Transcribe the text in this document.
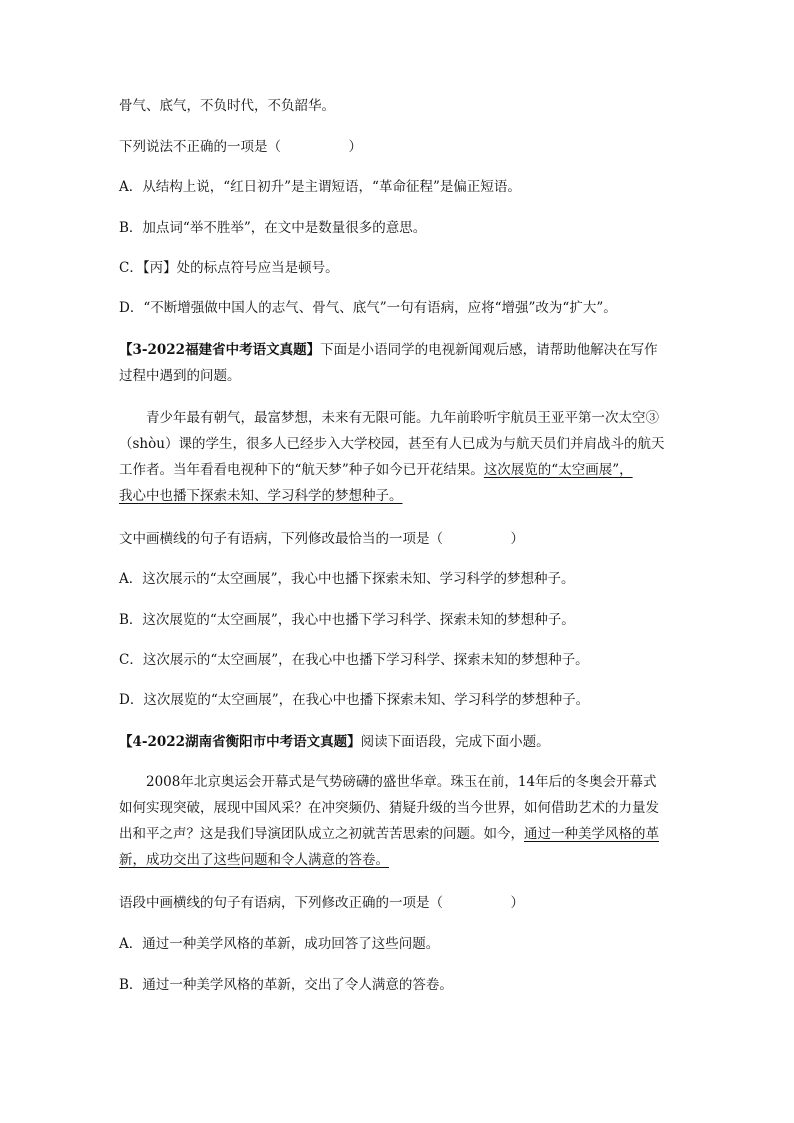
骨气、底气，不负时代，不负韶华。
下列说法不正确的一项是（　　　　　）
A．从结构上说，“红日初升”是主谓短语，“革命征程”是偏正短语。
B．加点词“举不胜举”，在文中是数量很多的意思。
C．【丙】处的标点符号应当是顿号。
D．“不断增强做中国人的志气、骨气、底气”一句有语病，应将“增强”改为“扩大”。
【3-2022福建省中考语文真题】下面是小语同学的电视新闻观后感，请帮助他解决在写作
过程中遇到的问题。

青少年最有朝气，最富梦想，未来有无限可能。九年前聆听宇航员王亚平第一次太空③

（shòu）课的学生，很多人已经步入大学校园，甚至有人已成为与航天员们并肩战斗的航天

工作者。当年看看电视种下的“航天梦”种子如今已开花结果。这次展览的“太空画展”，

我心中也播下探索未知、学习科学的梦想种子。

文中画横线的句子有语病，下列修改最恰当的一项是（　　　　　）
A．这次展示的“太空画展”，我心中也播下探索未知、学习科学的梦想种子。
B．这次展览的“太空画展”，我心中也播下学习科学、探索未知的梦想种子。
C．这次展示的“太空画展”，在我心中也播下学习科学、探索未知的梦想种子。
D．这次展览的“太空画展”，在我心中也播下探索未知、学习科学的梦想种子。
【4-2022湖南省衡阳市中考语文真题】阅读下面语段，完成下面小题。

2008年北京奥运会开幕式是气势磅礴的盛世华章。珠玉在前，14年后的冬奥会开幕式

如何实现突破，展现中国风采？在冲突频仍、猜疑升级的当今世界，如何借助艺术的力量发

出和平之声？这是我们导演团队成立之初就苦苦思索的问题。如今，通过一种美学风格的革

新，成功交出了这些问题和令人满意的答卷。

语段中画横线的句子有语病，下列修改正确的一项是（　　　　　）
A．通过一种美学风格的革新，成功回答了这些问题。
B．通过一种美学风格的革新，交出了令人满意的答卷。
